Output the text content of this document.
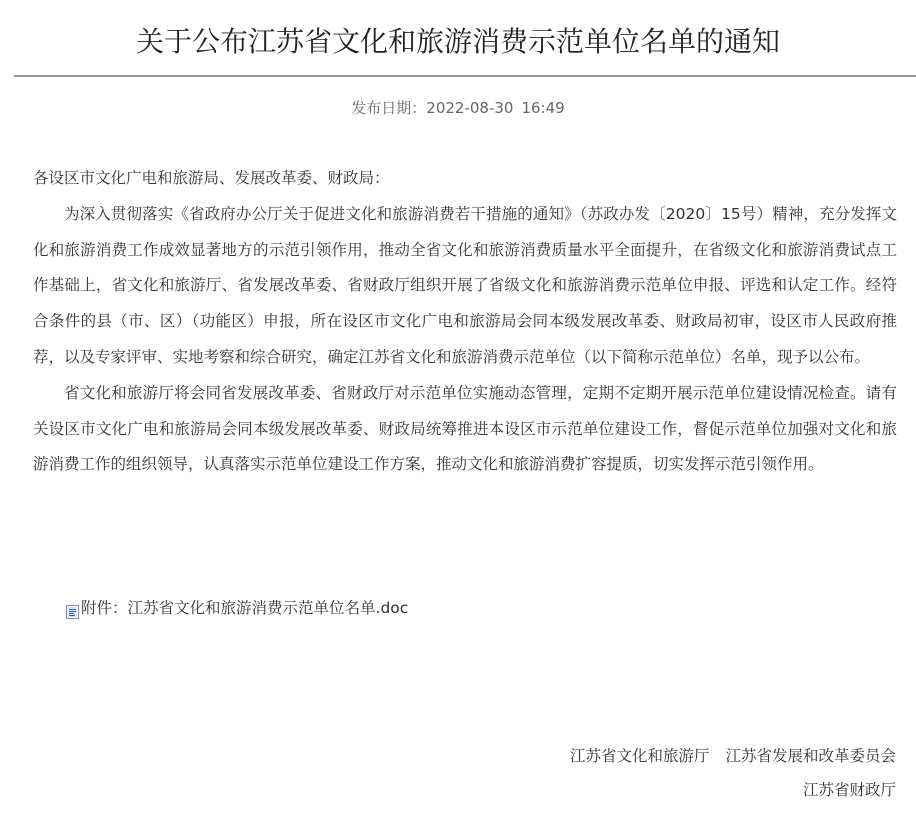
关于公布江苏省文化和旅游消费示范单位名单的通知
发布日期：2022-08-30 16:49

各设区市文化广电和旅游局、发展改革委、财政局：

为深入贯彻落实《省政府办公厅关于促进文化和旅游消费若干措施的通知》（苏政办发〔2020〕15号）精神，充分发挥文化和旅游消费工作成效显著地方的示范引领作用，推动全省文化和旅游消费质量水平全面提升，在省级文化和旅游消费试点工作基础上，省文化和旅游厅、省发展改革委、省财政厅组织开展了省级文化和旅游消费示范单位申报、评选和认定工作。经符合条件的县（市、区）（功能区）申报，所在设区市文化广电和旅游局会同本级发展改革委、财政局初审，设区市人民政府推荐，以及专家评审、实地考察和综合研究，确定江苏省文化和旅游消费示范单位（以下简称示范单位）名单，现予以公布。

省文化和旅游厅将会同省发展改革委、省财政厅对示范单位实施动态管理，定期不定期开展示范单位建设情况检查。请有关设区市文化广电和旅游局会同本级发展改革委、财政局统筹推进本设区市示范单位建设工作，督促示范单位加强对文化和旅游消费工作的组织领导，认真落实示范单位建设工作方案，推动文化和旅游消费扩容提质，切实发挥示范引领作用。

附件： 江苏省文化和旅游消费示范单位名单.doc
江苏省文化和旅游厅 江苏省发展和改革委员会
江苏省财政厅
